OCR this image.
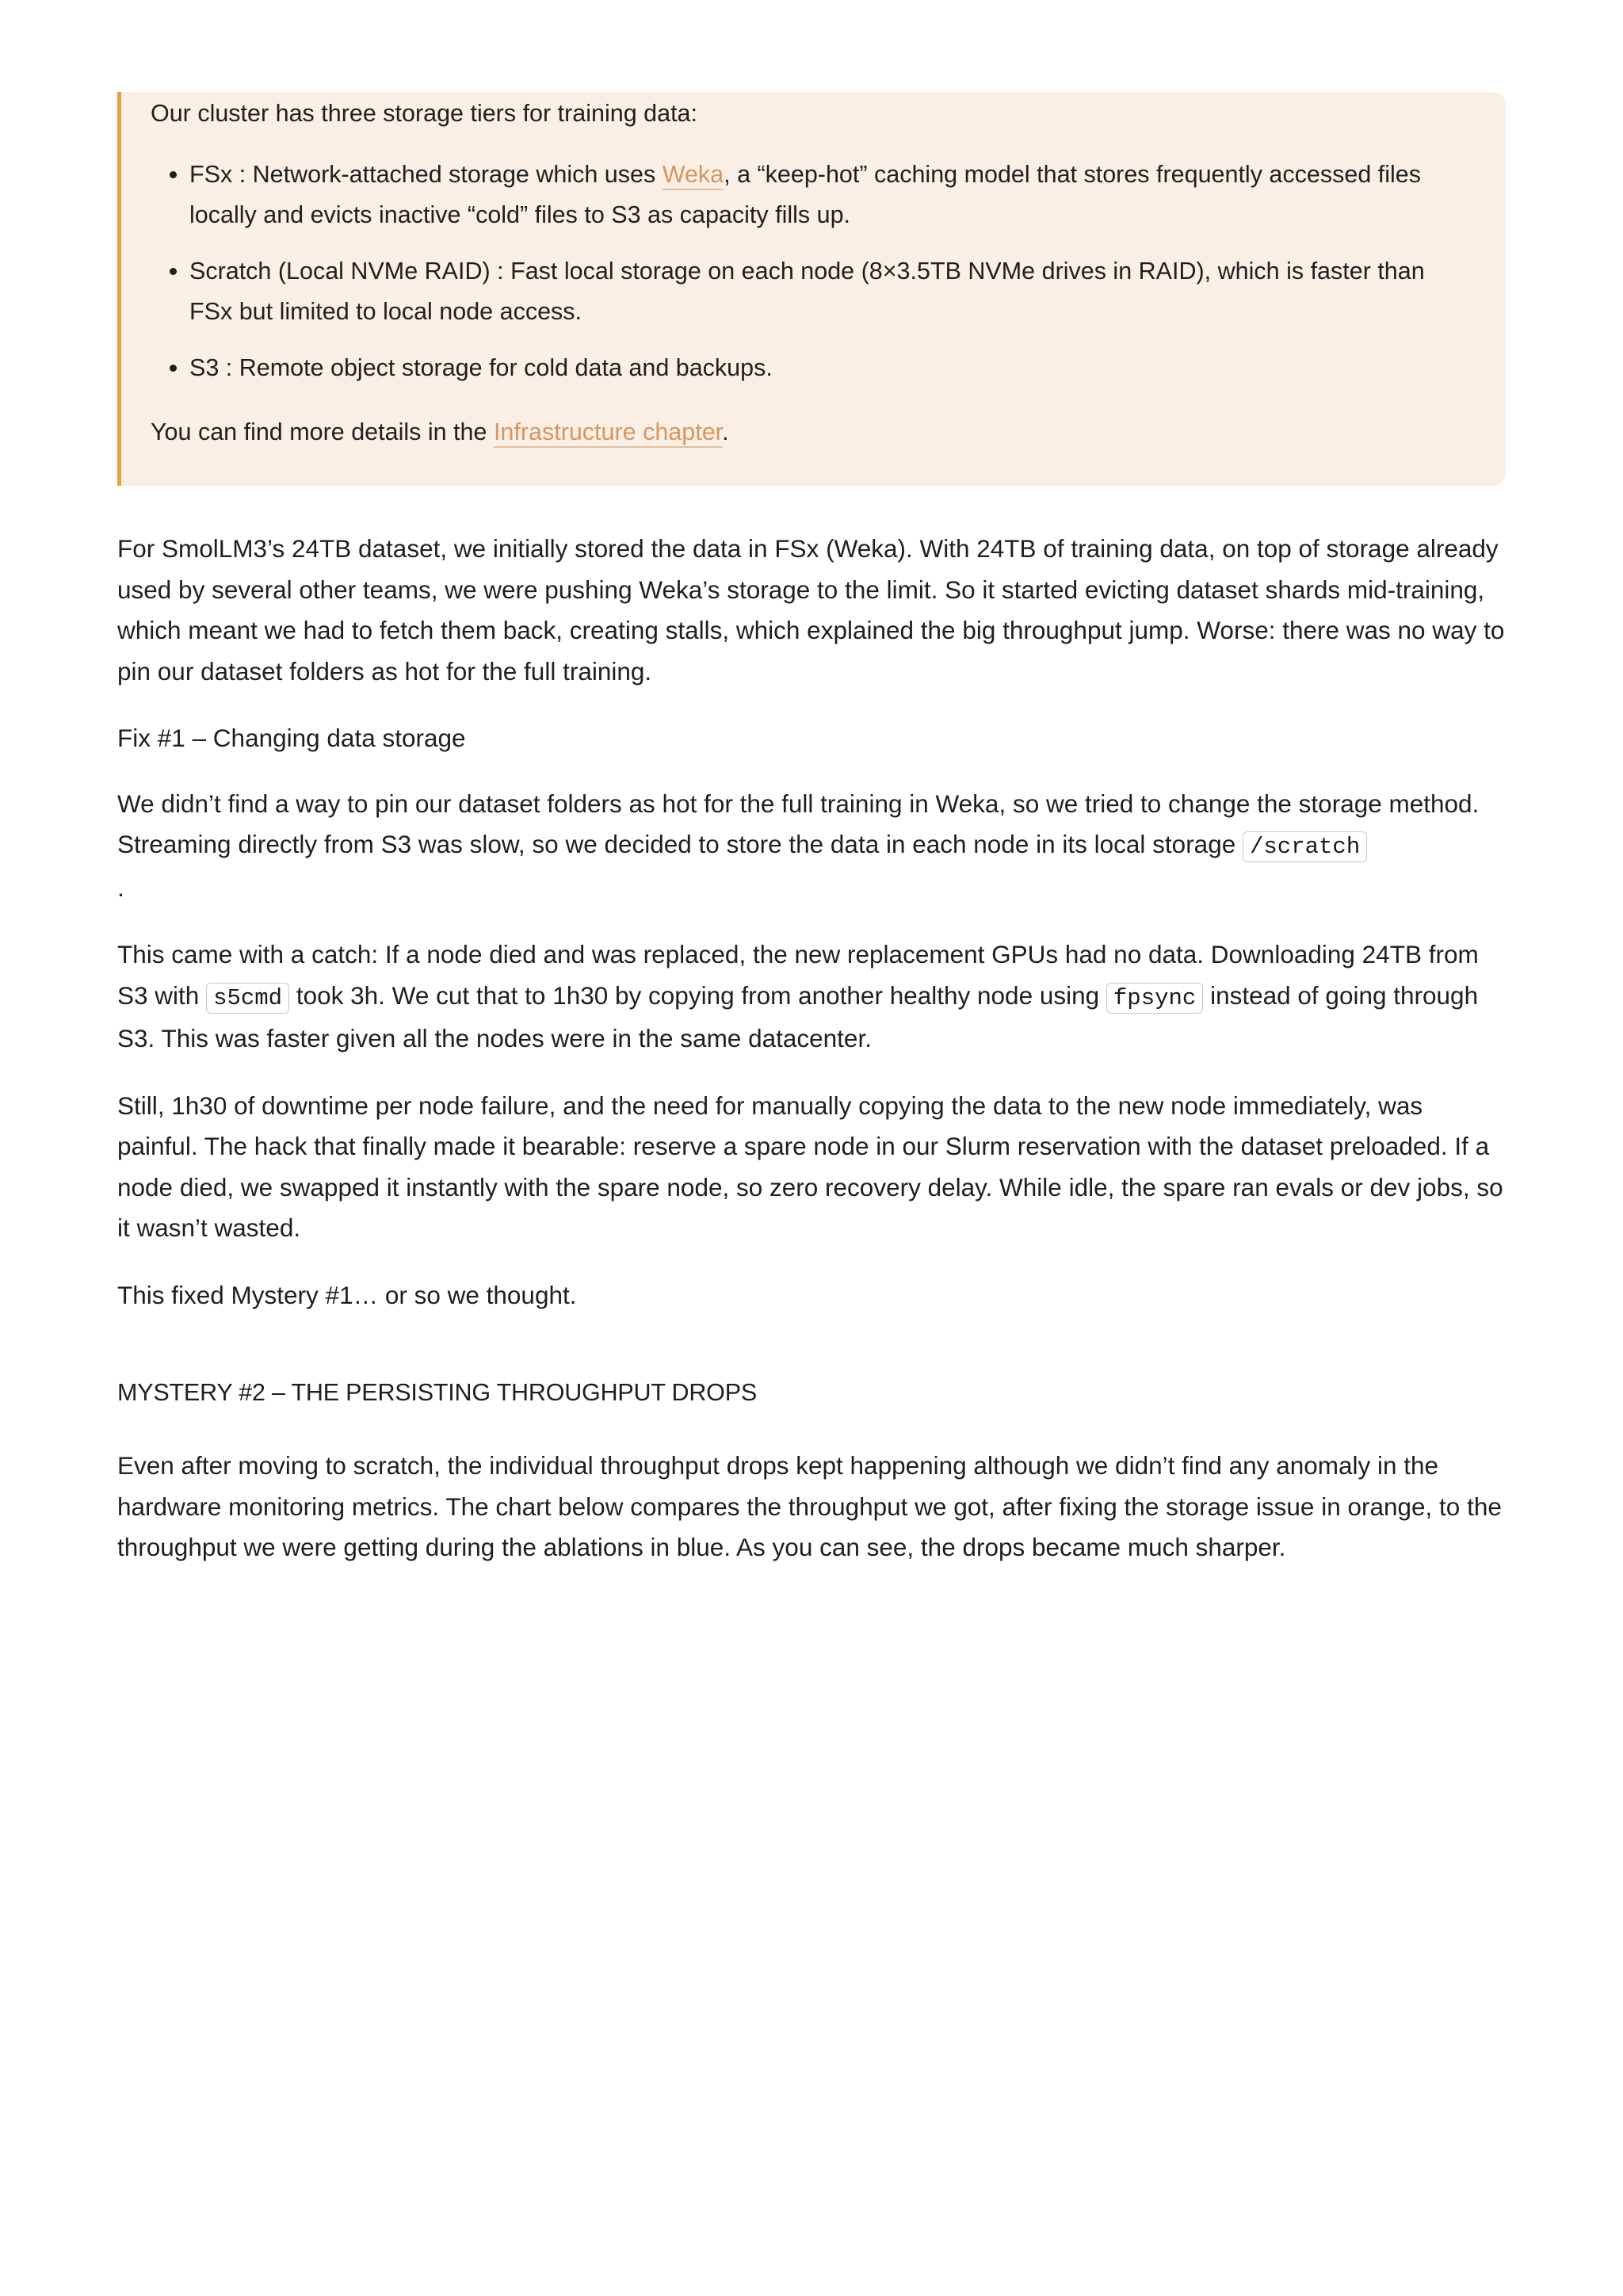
Our cluster has three storage tiers for training data:

• FSx : Network-attached storage which uses Weka, a “keep-hot” caching model that stores frequently accessed files locally and evicts inactive “cold” files to S3 as capacity fills up.
• Scratch (Local NVMe RAID) : Fast local storage on each node (8×3.5TB NVMe drives in RAID), which is faster than FSx but limited to local node access.
• S3 : Remote object storage for cold data and backups.

You can find more details in the Infrastructure chapter.

For SmolLM3’s 24TB dataset, we initially stored the data in FSx (Weka). With 24TB of training data, on top of storage already used by several other teams, we were pushing Weka’s storage to the limit. So it started evicting dataset shards mid-training, which meant we had to fetch them back, creating stalls, which explained the big throughput jump. Worse: there was no way to pin our dataset folders as hot for the full training.

Fix #1 – Changing data storage

We didn’t find a way to pin our dataset folders as hot for the full training in Weka, so we tried to change the storage method. Streaming directly from S3 was slow, so we decided to store the data in each node in its local storage /scratch
.

This came with a catch: If a node died and was replaced, the new replacement GPUs had no data. Downloading 24TB from S3 with s5cmd took 3h. We cut that to 1h30 by copying from another healthy node using fpsync instead of going through S3. This was faster given all the nodes were in the same datacenter.

Still, 1h30 of downtime per node failure, and the need for manually copying the data to the new node immediately, was painful. The hack that finally made it bearable: reserve a spare node in our Slurm reservation with the dataset preloaded. If a node died, we swapped it instantly with the spare node, so zero recovery delay. While idle, the spare ran evals or dev jobs, so it wasn’t wasted.

This fixed Mystery #1… or so we thought.

MYSTERY #2 – THE PERSISTING THROUGHPUT DROPS

Even after moving to scratch, the individual throughput drops kept happening although we didn’t find any anomaly in the hardware monitoring metrics. The chart below compares the throughput we got, after fixing the storage issue in orange, to the throughput we were getting during the ablations in blue. As you can see, the drops became much sharper.
